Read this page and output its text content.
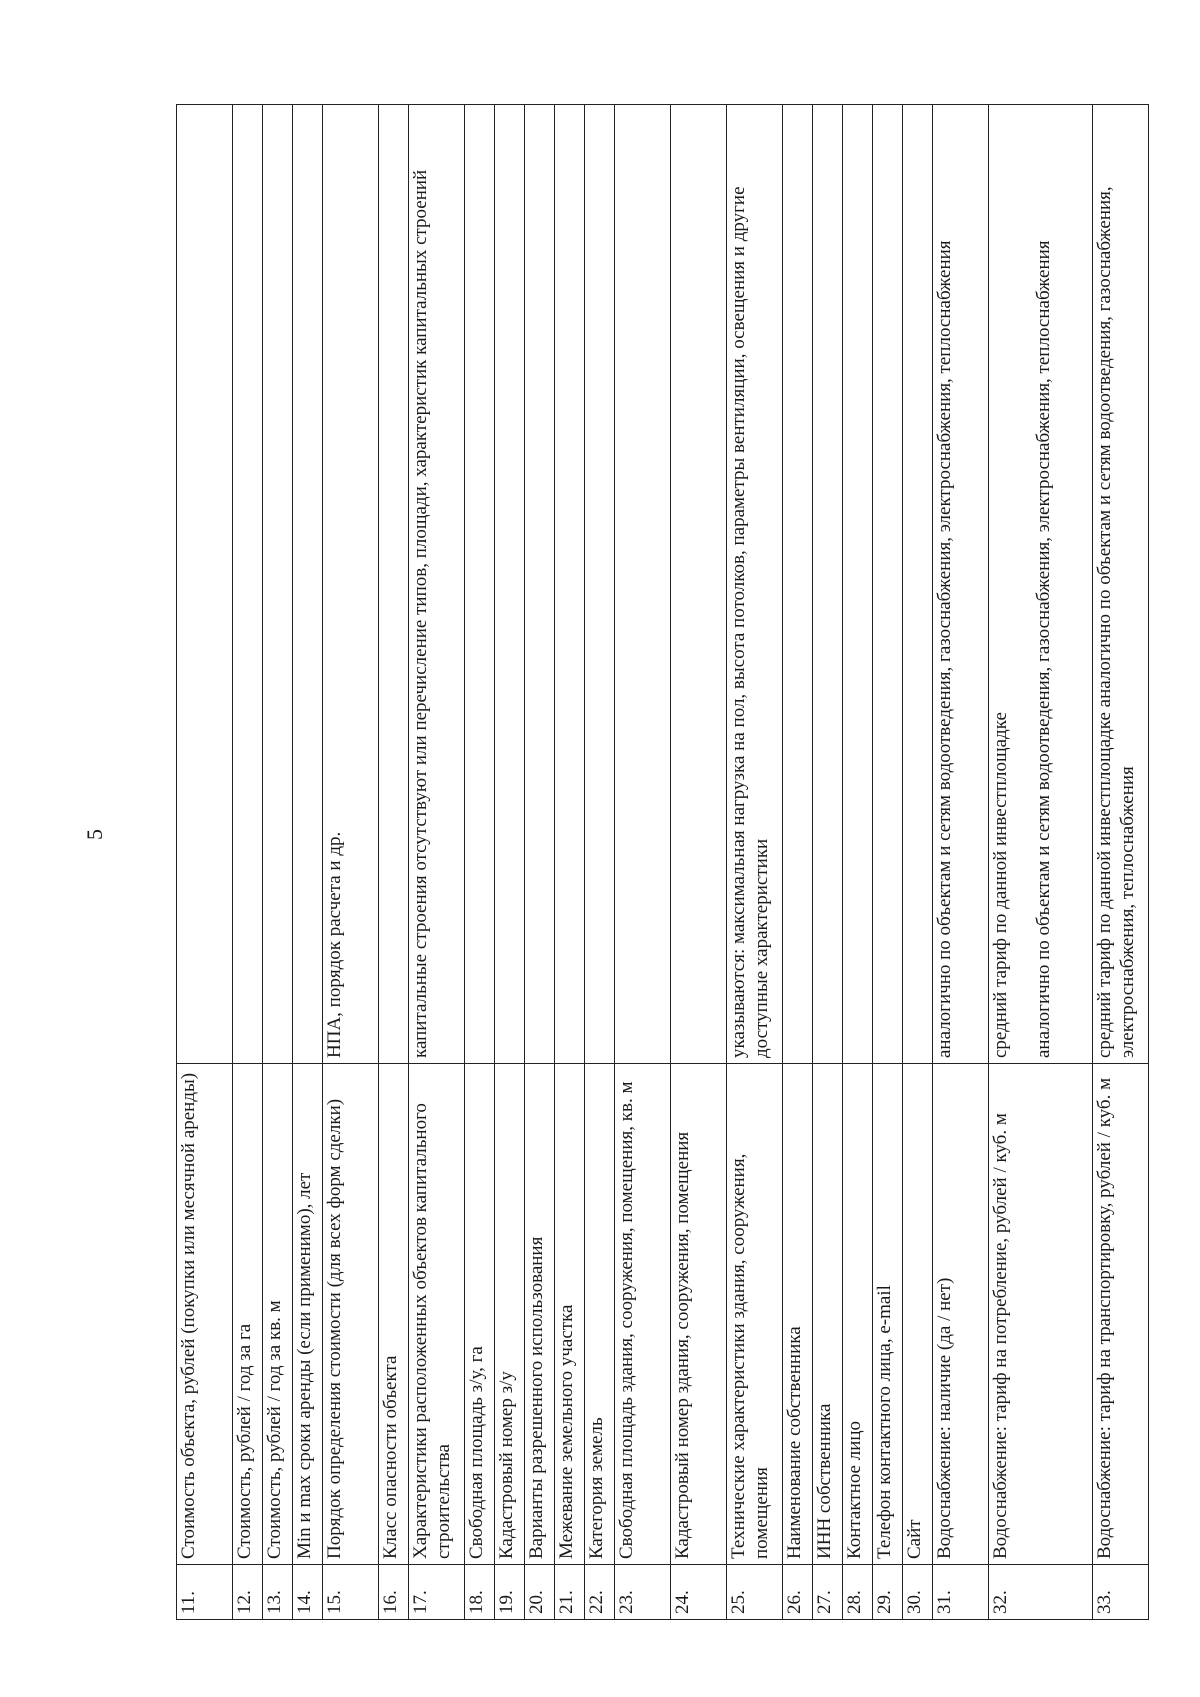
5
11.	Стоимость объекта, рублей (покупки или месячной аренды)	
12.	Стоимость, рублей / год за га	
13.	Стоимость, рублей / год за кв. м	
14.	Min и max сроки аренды (если применимо), лет	
15.	Порядок определения стоимости (для всех форм сделки)	НПА, порядок расчета и др.
16.	Класс опасности объекта	
17.	Характеристики расположенных объектов капитального строительства	капитальные строения отсутствуют или перечисление типов, площади, характеристик капитальных строений
18.	Свободная площадь з/у, га	
19.	Кадастровый номер з/у	
20.	Варианты разрешенного использования	
21.	Межевание земельного участка	
22.	Категория земель	
23.	Свободная площадь здания, сооружения, помещения, кв. м	
24.	Кадастровый номер здания, сооружения, помещения	
25.	Технические характеристики здания, сооружения, помещения	указываются: максимальная нагрузка на пол, высота потолков, параметры вентиляции, освещения и другие доступные характеристики
26.	Наименование собственника	
27.	ИНН собственника	
28.	Контактное лицо	
29.	Телефон контактного лица, e-mail	
30.	Сайт	
31.	Водоснабжение: наличие (да / нет)	аналогично по объектам и сетям водоотведения, газоснабжения, электроснабжения, теплоснабжения
32.	Водоснабжение: тариф на потребление, рублей / куб. м	средний тариф по данной инвестплощадке аналогично по объектам и сетям водоотведения, газоснабжения, электроснабжения, теплоснабжения

33.	Водоснабжение: тариф на транспортировку, рублей / куб. м	средний тариф по данной инвестплощадке аналогично по объектам и сетям водоотведения, газоснабжения, электроснабжения, теплоснабжения
